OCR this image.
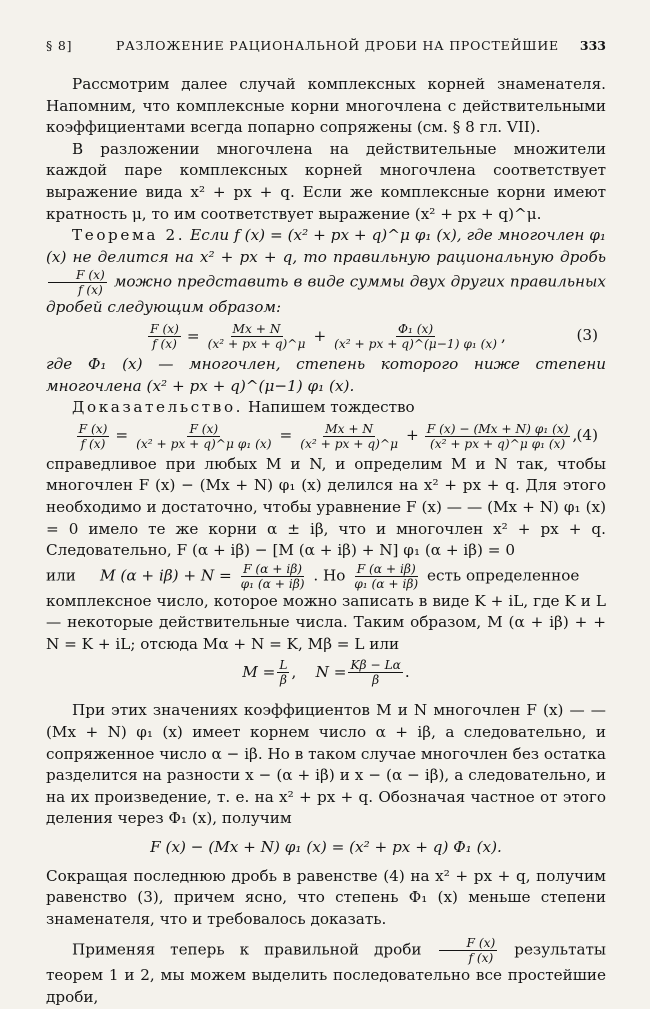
§ 8]	РАЗЛОЖЕНИЕ РАЦИОНАЛЬНОЙ ДРОБИ НА ПРОСТЕЙШИЕ 333

Рассмотрим далее случай комплексных корней знаменателя. Напомним, что комплексные корни многочлена с действительными коэффициентами всегда попарно сопряжены (см. § 8 гл. VII).

В разложении многочлена на действительные множители каждой паре комплексных корней многочлена соответствует выражение вида x² + px + q. Если же комплексные корни имеют кратность μ, то им соответствует выражение (x² + px + q)^μ.

Теорема 2. Если f (x) = (x² + px + q)^μ φ₁ (x), где многочлен φ₁ (x) не делится на x² + px + q, то правильную рациональную дробь
$\frac{F (x)}{f (x)}$ можно представить в виде суммы двух других правильных дробей следующим образом:

$\frac{F (x)}{f (x)} = \frac{Mx + N}{\text{(x² + px + q)\textasciicircum{}μ}} + \frac{\text{Φ₁ (x)}}{\text{(x² + px + q)\textasciicircum{}(μ−1) φ₁ (x)}}$ ,	(3)

где Φ₁ (x) — многочлен, степень которого ниже степени многочлена (x² + px + q)^(μ−1) φ₁ (x).

Доказательство. Напишем тождество

$\frac{F (x)}{f (x)} = \frac{F (x)}{\text{(x² + px + q)\textasciicircum{}μ φ₁ (x)}} = \frac{Mx + N}{\text{(x² + px + q)\textasciicircum{}μ}} + \frac{\text{F (x) − (Mx + N) φ₁ (x)}}{\text{(x² + px + q)\textasciicircum{}μ φ₁ (x)}}$ , (4)

справедливое при любых M и N, и определим M и N так, чтобы многочлен F (x) − (Mx + N) φ₁ (x) делился на x² + px + q. Для этого необходимо и достаточно, чтобы уравнение F (x) — — (Mx + N) φ₁ (x) = 0 имело те же корни α ± iβ, что и многочлен x² + px + q. Следовательно, F (α + iβ) − [M (α + iβ) + N] φ₁ (α + iβ) = 0

или M $(\alpha + i\beta) + N = \frac{F (\alpha + i\beta)}{\text{φ₁ (α + iβ)}}$ . Но $\frac{F (\alpha + i\beta)}{\text{φ₁ (α + iβ)}}$ есть определенное

комплексное число, которое можно записать в виде K + iL, где K и L — некоторые действительные числа. Таким образом, M (α + iβ) + + N = K + iL; отсюда Mα + N = K, Mβ = L или

$M = \frac{L}{\beta}$ , $N = \frac{K\beta - L\alpha}{\beta}$ .

При этих значениях коэффициентов M и N многочлен F (x) — — (Mx + N) φ₁ (x) имеет корнем число α + iβ, а следовательно, и сопряженное число α − iβ. Но в таком случае многочлен без остатка разделится на разности x − (α + iβ) и x − (α − iβ), а следовательно, и на их произведение, т. е. на x² + px + q. Обозначая частное от этого деления через Φ₁ (x), получим

F (x) − (Mx + N) φ₁ (x) = (x² + px + q) Φ₁ (x).

Сокращая последнюю дробь в равенстве (4) на x² + px + q, получим равенство (3), причем ясно, что степень Φ₁ (x) меньше степени знаменателя, что и требовалось доказать.

Применяя теперь к правильной дроби $\frac{F (x)}{f (x)}$ результаты теорем 1 и 2, мы можем выделить последовательно все простейшие дроби,
